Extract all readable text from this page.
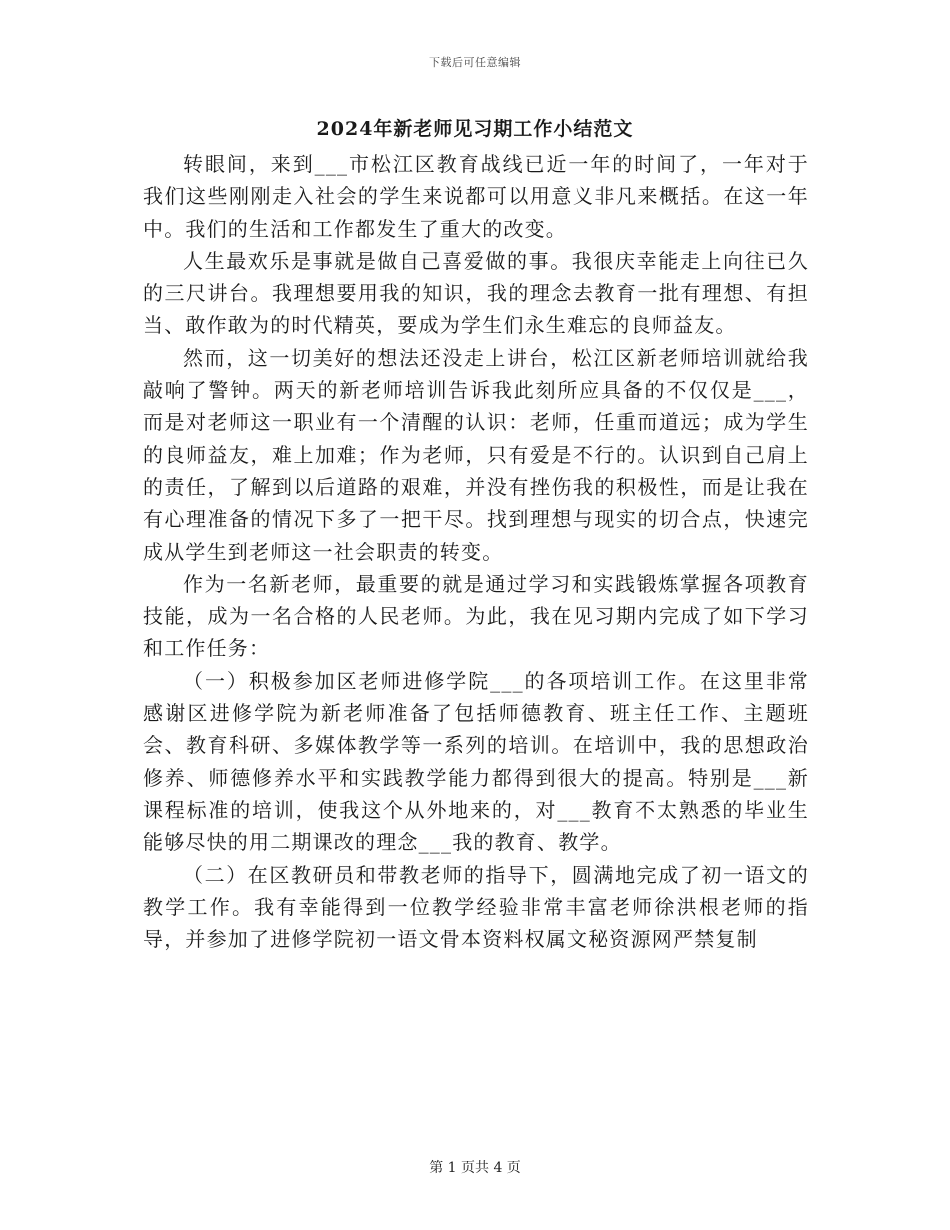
下载后可任意编辑
2024年新老师见习期工作小结范文

转眼间，来到___市松江区教育战线已近一年的时间了，一年对于我们这些刚刚走入社会的学生来说都可以用意义非凡来概括。在这一年中。我们的生活和工作都发生了重大的改变。

人生最欢乐是事就是做自己喜爱做的事。我很庆幸能走上向往已久的三尺讲台。我理想要用我的知识，我的理念去教育一批有理想、有担当、敢作敢为的时代精英，要成为学生们永生难忘的良师益友。

然而，这一切美好的想法还没走上讲台，松江区新老师培训就给我敲响了警钟。两天的新老师培训告诉我此刻所应具备的不仅仅是___，而是对老师这一职业有一个清醒的认识：老师，任重而道远；成为学生的良师益友，难上加难；作为老师，只有爱是不行的。认识到自己肩上的责任，了解到以后道路的艰难，并没有挫伤我的积极性，而是让我在有心理准备的情况下多了一把干尽。找到理想与现实的切合点，快速完成从学生到老师这一社会职责的转变。

作为一名新老师，最重要的就是通过学习和实践锻炼掌握各项教育技能，成为一名合格的人民老师。为此，我在见习期内完成了如下学习和工作任务：

（一）积极参加区老师进修学院___的各项培训工作。在这里非常感谢区进修学院为新老师准备了包括师德教育、班主任工作、主题班会、教育科研、多媒体教学等一系列的培训。在培训中，我的思想政治修养、师德修养水平和实践教学能力都得到很大的提高。特别是___新课程标准的培训，使我这个从外地来的，对___教育不太熟悉的毕业生能够尽快的用二期课改的理念___我的教育、教学。

（二）在区教研员和带教老师的指导下，圆满地完成了初一语文的教学工作。我有幸能得到一位教学经验非常丰富老师徐洪根老师的指导，并参加了进修学院初一语文骨本资料权属文秘资源网严禁复制

第 1 页共 4 页
